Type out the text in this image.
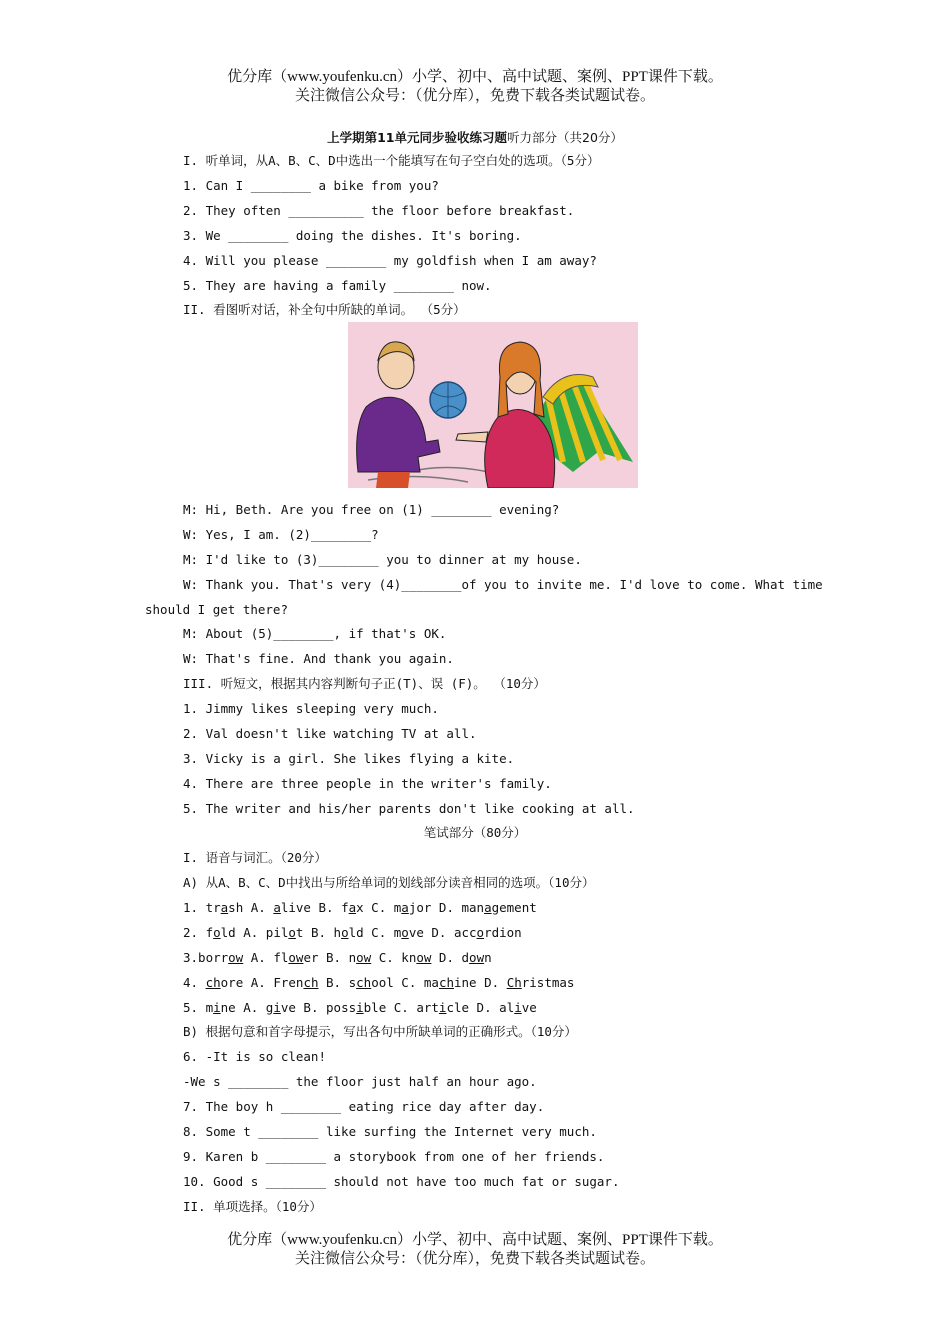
优分库（www.youfenku.cn）小学、初中、高中试题、案例、PPT课件下载。

关注微信公众号：（优分库），免费下载各类试题试卷。

上学期第11单元同步验收练习题听力部分（共20分）
I. 听单词，从A、B、C、D中选出一个能填写在句子空白处的选项。（5分）
1. Can I ________ a bike from you?
2. They often __________ the floor before breakfast.
3. We ________ doing the dishes. It's boring.
4. Will you please ________ my goldfish when I am away?
5. They are having a family ________ now.
II. 看图听对话，补全句中所缺的单词。 （5分）
M: Hi, Beth. Are you free on (1) ________ evening?
W: Yes, I am. (2)________?
M: I'd like to (3)________ you to dinner at my house.
W: Thank you. That's very (4)________of you to invite me. I'd love to come. What time
should I get there?
M: About (5)________, if that's OK.
W: That's fine. And thank you again.
III. 听短文，根据其内容判断句子正(T)、误 (F)。 （10分）
1. Jimmy likes sleeping very much.
2. Val doesn't like watching TV at all.
3. Vicky is a girl. She likes flying a kite.
4. There are three people in the writer's family.
5. The writer and his/her parents don't like cooking at all.
笔试部分（80分）
I. 语音与词汇。（20分）
A) 从A、B、C、D中找出与所给单词的划线部分读音相同的选项。（10分）
1. trash A. alive B. fax C. major D. management
2. fold A. pilot B. hold C. move D. accordion
3.borrow A. flower B. now C. know D. down
4. chore A. French B. school C. machine D. Christmas
5. mine A. give B. possible C. article D. alive
B) 根据句意和首字母提示，写出各句中所缺单词的正确形式。（10分）
6. -It is so clean!
-We s ________ the floor just half an hour ago.
7. The boy h ________ eating rice day after day.
8. Some t ________ like surfing the Internet very much.
9. Karen b ________ a storybook from one of her friends.
10. Good s ________ should not have too much fat or sugar.
II. 单项选择。（10分）

优分库（www.youfenku.cn）小学、初中、高中试题、案例、PPT课件下载。

关注微信公众号：（优分库），免费下载各类试题试卷。
